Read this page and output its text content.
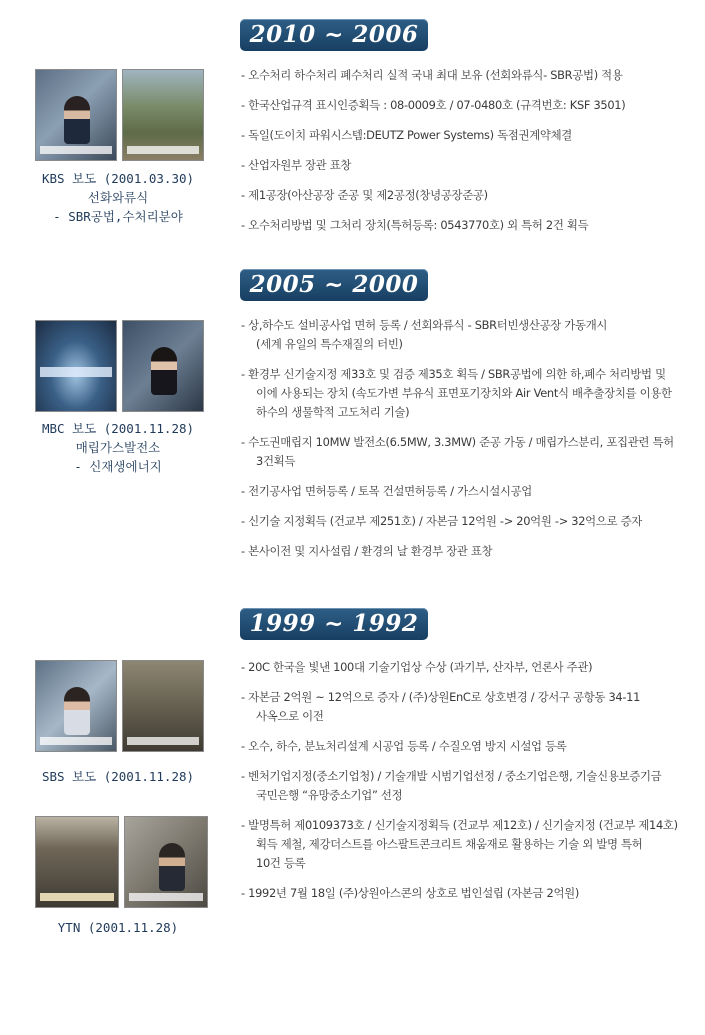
2010 ~ 2006
KBS 보도 (2001.03.30)
선화와류식
- SBR공법,수처리분야
- 오수처리 하수처리 폐수처리 실적 국내 최대 보유 (선회와류식- SBR공법) 적용
- 한국산업규격 표시인증획득 : 08-0009호 / 07-0480호 (규격번호: KSF 3501)
- 독일(도이치 파워시스템:DEUTZ Power Systems) 독점권계약체결
- 산업자원부 장관 표창
- 제1공장(아산공장 준공 및 제2공정(창녕공장준공)
- 오수처리방법 및 그처리 장치(특허등록: 0543770호) 외 특허 2건 획득
2005 ~ 2000
MBC 보도 (2001.11.28)
매립가스발전소
- 신재생에너지
- 상,하수도 설비공사업 면허 등록 / 선회와류식 - SBR터빈생산공장 가동개시
(세계 유일의 특수재질의 터빈)
- 환경부 신기술지정 제33호 및 검증 제35호 획득 / SBR공법에 의한 하,폐수 처리방법 및
이에 사용되는 장치 (속도가변 부유식 표면포기장치와 Air Vent식 배추출장치를 이용한
하수의 생물학적 고도처리 기술)
- 수도권매립지 10MW 발전소(6.5MW, 3.3MW) 준공 가동 / 매립가스분리, 포집관련 특허
3건획득
- 전기공사업 면허등록 / 토목 건설면허등록 / 가스시설시공업
- 신기술 지정획득 (건교부 제251호) / 자본금 12억원 -> 20억원 -> 32억으로 증자
- 본사이전 및 지사설립 / 환경의 날 환경부 장관 표창
1999 ~ 1992
SBS 보도 (2001.11.28)
YTN (2001.11.28)
- 20C 한국을 빛낸 100대 기술기업상 수상 (과기부, 산자부, 언론사 주관)
- 자본금 2억원 ~ 12억으로 증자 / (주)상원EnC로 상호변경 / 강서구 공항동 34-11
사옥으로 이전
- 오수, 하수, 분뇨처리설계 시공업 등록 / 수질오염 방지 시설업 등록
- 벤처기업지정(중소기업청) / 기술개발 시범기업선정 / 중소기업은행, 기술신용보증기금
국민은행 “유망중소기업” 선정
- 발명특허 제0109373호 / 신기술지정획득 (건교부 제12호) / 신기술지정 (건교부 제14호)
획득 제철, 제강더스트를 아스팔트콘크리트 채움재로 활용하는 기술 외 발명 특허
10건 등록
- 1992년 7월 18일 (주)상원아스콘의 상호로 법인설립 (자본금 2억원)
